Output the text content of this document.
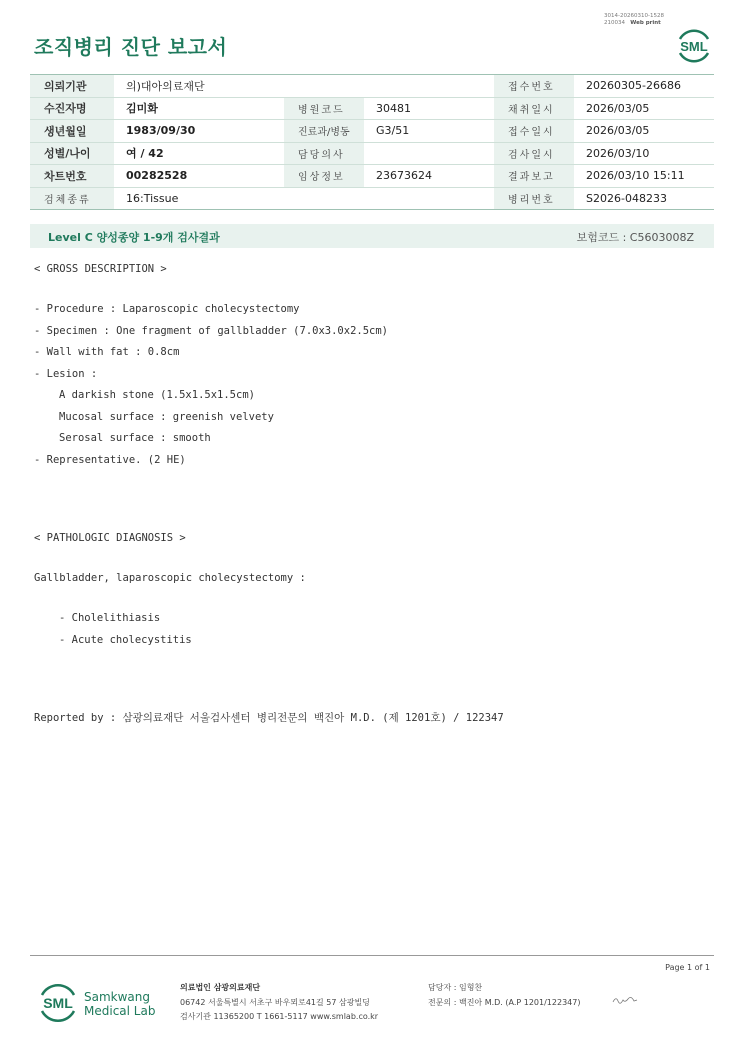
3014-20260310-1528
210034 Web print
조직병리 진단 보고서	SML
의뢰기관	의)대아의료재단			접수번호	20260305-26686
수진자명	김미화	병원코드	30481	채취일시	2026/03/05
생년월일	1983/09/30	진료과/병동	G3/51	접수일시	2026/03/05
성별/나이	여 / 42	담당의사		검사일시	2026/03/10
차트번호	00282528	임상정보	23673624	결과보고	2026/03/10 15:11
검체종류	16:Tissue			병리번호	S2026-048233
Level C 양성종양 1-9개 검사결과	보험코드 : C5603008Z
< GROSS DESCRIPTION >
- Procedure : Laparoscopic cholecystectomy
- Specimen : One fragment of gallbladder (7.0x3.0x2.5cm)
- Wall with fat : 0.8cm
- Lesion :
A darkish stone (1.5x1.5x1.5cm)
Mucosal surface : greenish velvety
Serosal surface : smooth
- Representative. (2 HE)
< PATHOLOGIC DIAGNOSIS >
Gallbladder, laparoscopic cholecystectomy :
- Cholelithiasis
- Acute cholecystitis
Reported by : 삼광의료재단 서울검사센터 병리전문의 백진아 M.D. (제 1201호) / 122347
Page 1 of 1
SML Samkwang
Medical Lab
의료법인 삼광의료재단
06742 서울특별시 서초구 바우뫼로41길 57 삼광빌딩
검사기관 11365200 T 1661-5117 www.smlab.co.kr
담당자 : 임형찬
전문의 : 백진아 M.D. (A.P 1201/122347)
